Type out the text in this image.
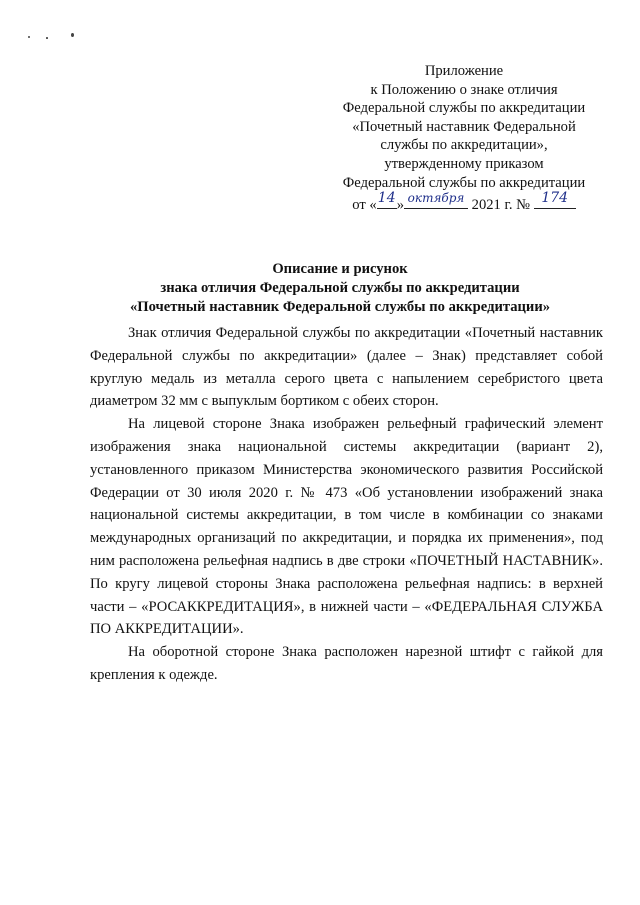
Приложение
к Положению о знаке отличия
Федеральной службы по аккредитации
«Почетный наставник Федеральной
службы по аккредитации»,
утвержденному приказом
Федеральной службы по аккредитации
от « 14 » октября 2021 г. № 174
Описание и рисунок
знака отличия Федеральной службы по аккредитации
«Почетный наставник Федеральной службы по аккредитации»

Знак отличия Федеральной службы по аккредитации «Почетный наставник Федеральной службы по аккредитации» (далее – Знак) представляет собой круглую медаль из металла серого цвета с напылением серебристого цвета диаметром 32 мм с выпуклым бортиком с обеих сторон.

На лицевой стороне Знака изображен рельефный графический элемент изображения знака национальной системы аккредитации (вариант 2), установленного приказом Министерства экономического развития Российской Федерации от 30 июля 2020 г. № 473 «Об установлении изображений знака национальной системы аккредитации, в том числе в комбинации со знаками международных организаций по аккредитации, и порядка их применения», под ним расположена рельефная надпись в две строки «ПОЧЕТНЫЙ НАСТАВНИК». По кругу лицевой стороны Знака расположена рельефная надпись: в верхней части – «РОСАККРЕДИТАЦИЯ», в нижней части – «ФЕДЕРАЛЬНАЯ СЛУЖБА ПО АККРЕДИТАЦИИ».

На оборотной стороне Знака расположен нарезной штифт с гайкой для крепления к одежде.
